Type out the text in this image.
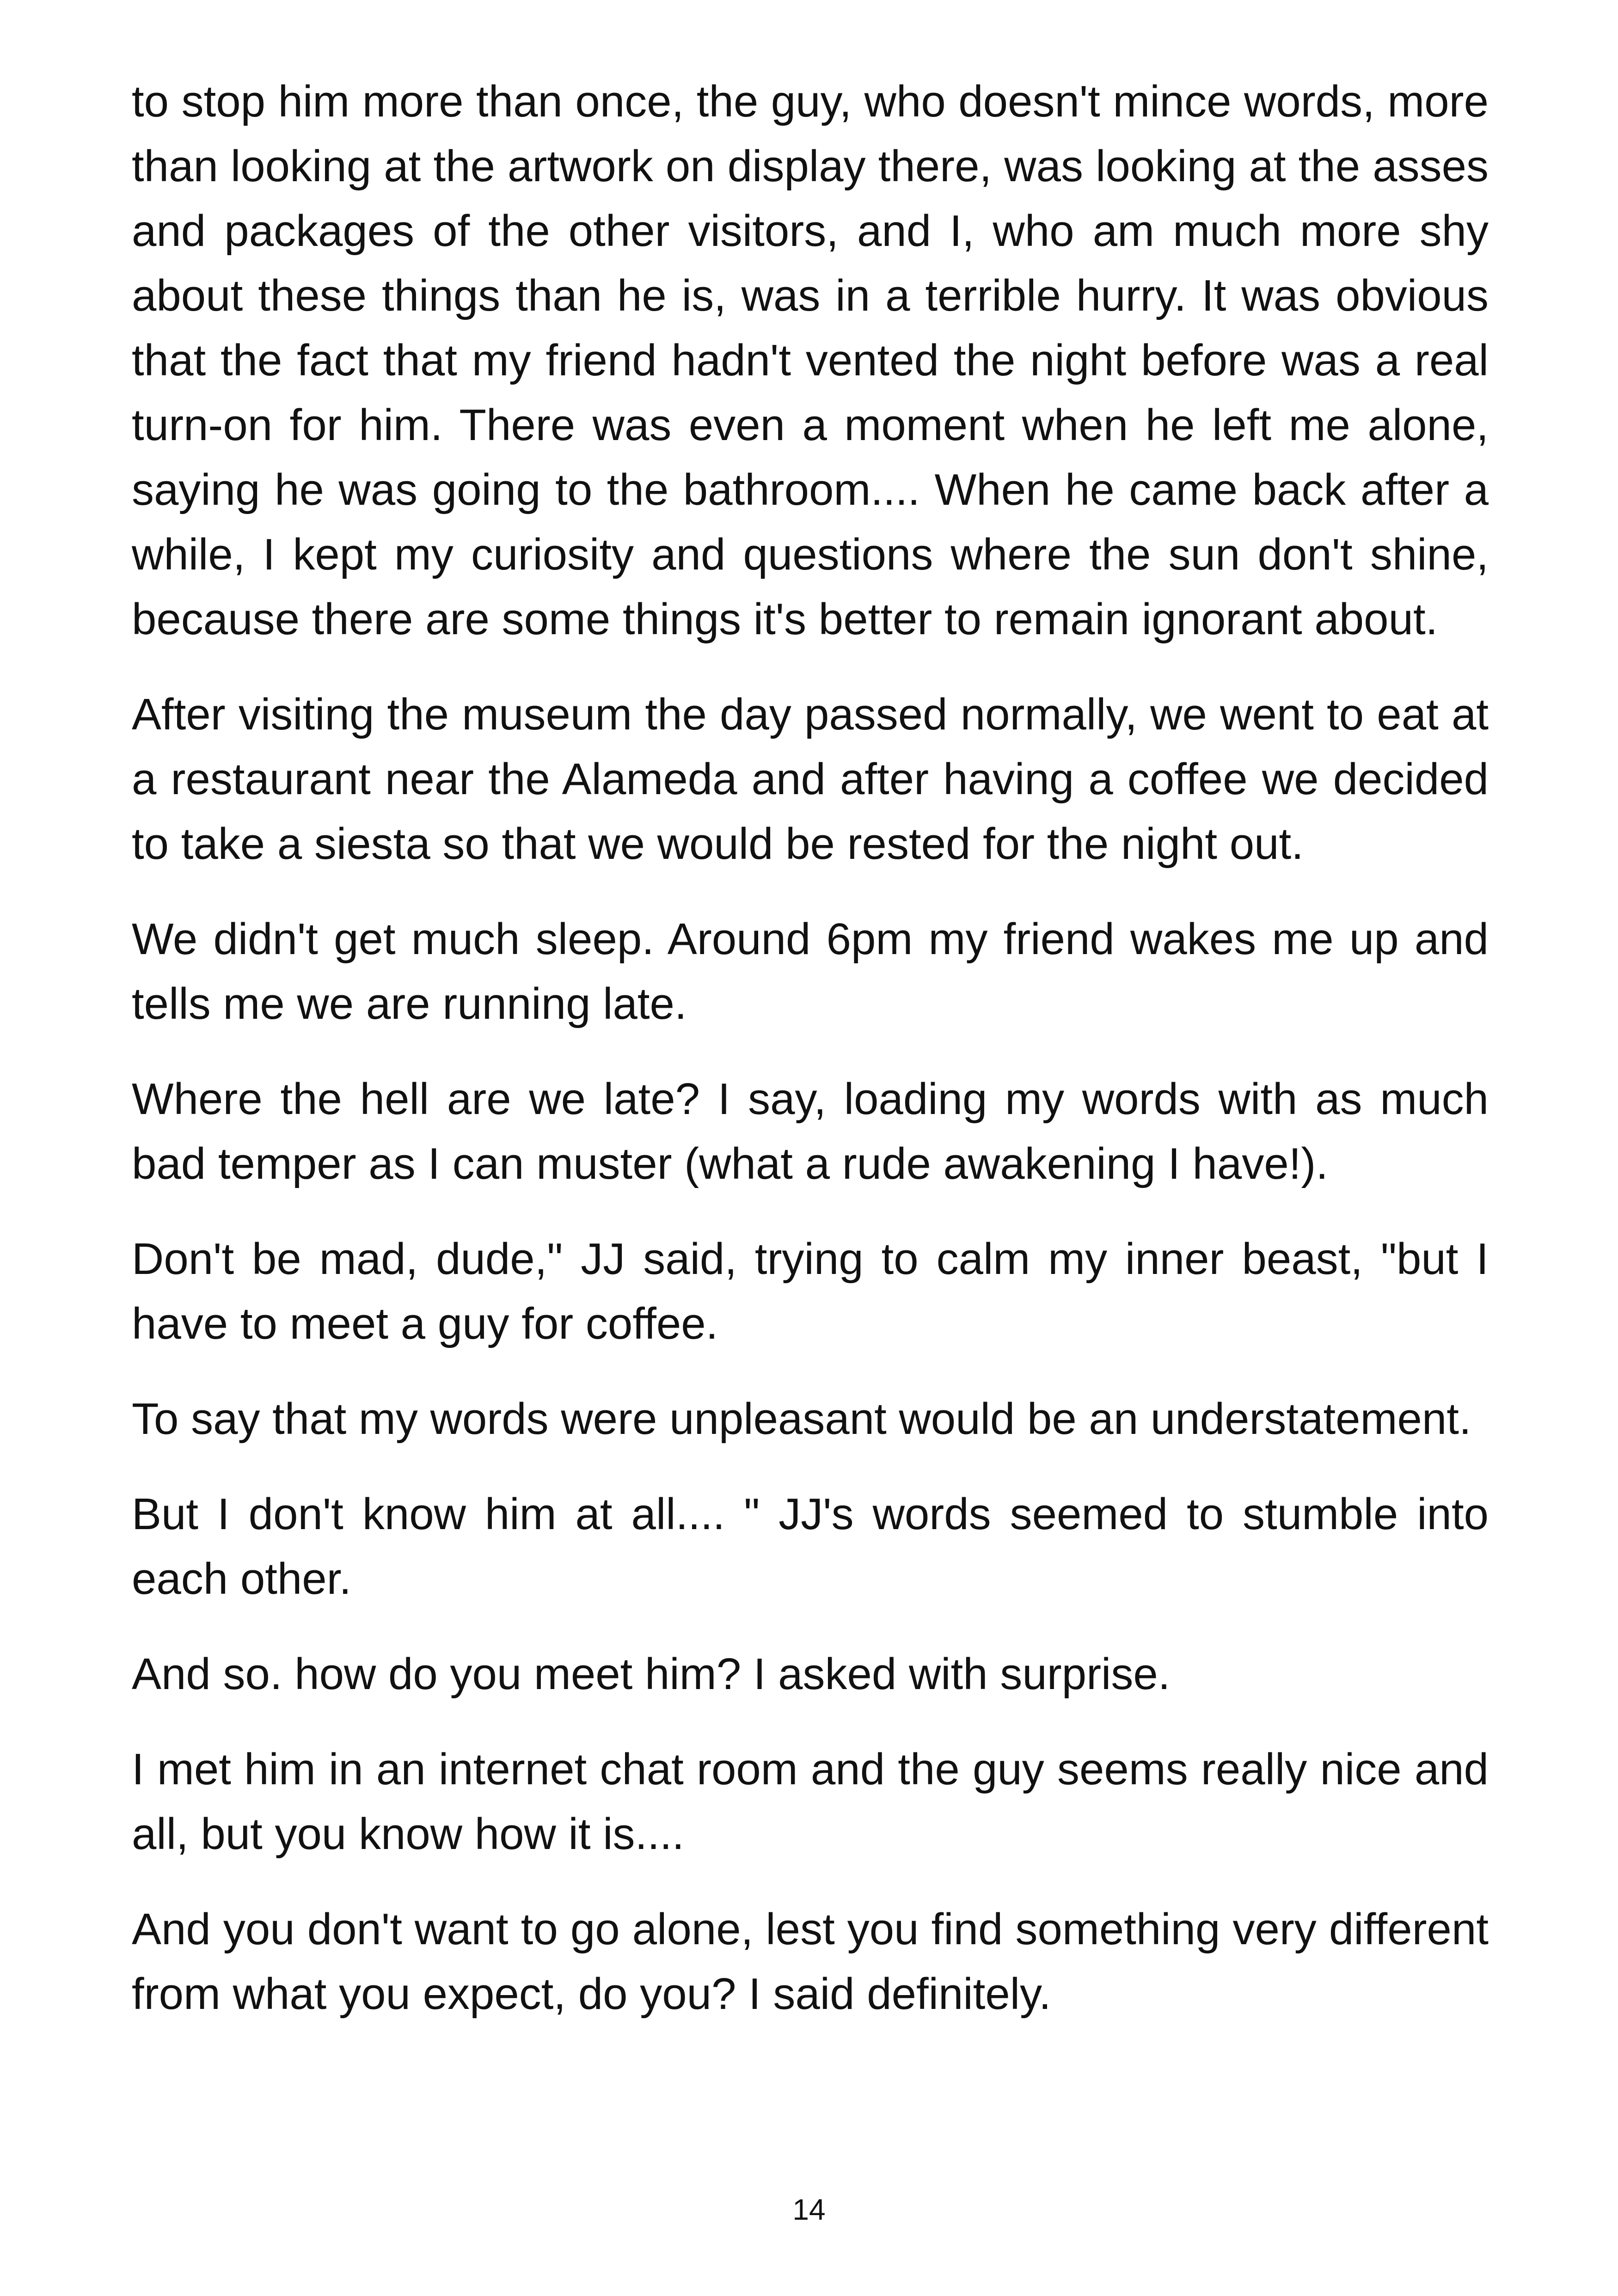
to stop him more than once, the guy, who doesn't mince words, more than looking at the artwork on display there, was looking at the asses and packages of the other visitors, and I, who am much more shy about these things than he is, was in a terrible hurry. It was obvious that the fact that my friend hadn't vented the night before was a real turn-on for him. There was even a moment when he left me alone, saying he was going to the bathroom.... When he came back after a while, I kept my curiosity and questions where the sun don't shine, because there are some things it's better to remain ignorant about.

After visiting the museum the day passed normally, we went to eat at a restaurant near the Alameda and after having a coffee we decided to take a siesta so that we would be rested for the night out.

We didn't get much sleep. Around 6pm my friend wakes me up and tells me we are running late.

Where the hell are we late? I say, loading my words with as much bad temper as I can muster (what a rude awakening I have!).

Don't be mad, dude," JJ said, trying to calm my inner beast, "but I have to meet a guy for coffee.

To say that my words were unpleasant would be an understatement.

But I don't know him at all.... " JJ's words seemed to stumble into each other.

And so. how do you meet him? I asked with surprise.

I met him in an internet chat room and the guy seems really nice and all, but you know how it is....

And you don't want to go alone, lest you find something very different from what you expect, do you? I said definitely.

14
